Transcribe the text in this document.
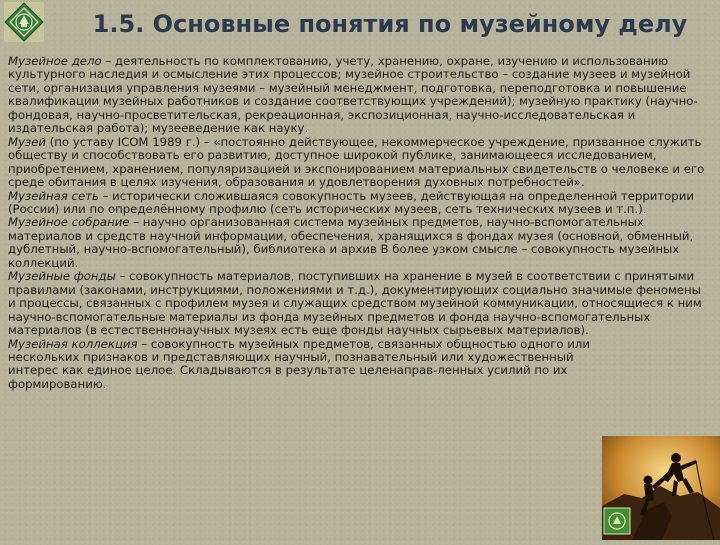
1.5. Основные понятия по музейному делу

Музейное дело – деятельность по комплектованию, учету, хранению, охране, изучению и использованию культурного наследия и осмысление этих процессов; музейное строительство – создание музеев и музейной сети, организация управления музеями – музейный менеджмент, подготовка, переподготовка и повышение квалификации музейных работников и создание соответствующих учреждений); музейную практику (научно-фондовая, научно-просветительская, рекреационная, экспозиционная, научно-исследовательская и издательская работа); музееведение как науку.

Музей (по уставу ICOM 1989 г.) – «постоянно действующее, некоммерческое учреждение, призванное служить обществу и способствовать его развитию, доступное широкой публике, занимающееся исследованием, приобретением, хранением, популяризацией и экспонированием материальных свидетельств о человеке и его среде обитания в целях изучения, образования и удовлетворения духовных потребностей».

Музейная сеть – исторически сложившаяся совокупность музеев, действующая на определенной территории (России) или по определённому профилю (сеть исторических музеев, сеть технических музеев и т.п.).

Музейное собрание – научно организованная система музейных предметов, научно-вспомогательных материалов и средств научной информации, обеспечения, хранящихся в фондах музея (основной, обменный, дублетный, научно-вспомогательный), библиотека и архив В более узком смысле – совокупность музейных коллекций.

Музейные фонды – совокупность материалов, поступивших на хранение в музей в соответствии с принятыми правилами (законами, инструкциями, положениями и т.д.), документирующих социально значимые феномены и процессы, связанных с профилем музея и служащих средством музейной коммуникации, относящиеся к ним научно-вспомогательные материалы из фонда музейных предметов и фонда научно-вспомогательных материалов (в естественнонаучных музеях есть еще фонды научных сырьевых материалов).

Музейная коллекция – совокупность музейных предметов, связанных общностью одного или нескольких признаков и представляющих научный, познавательный или художественный интерес как единое целое. Складываются в результате целенаправ-ленных усилий по их формированию.
